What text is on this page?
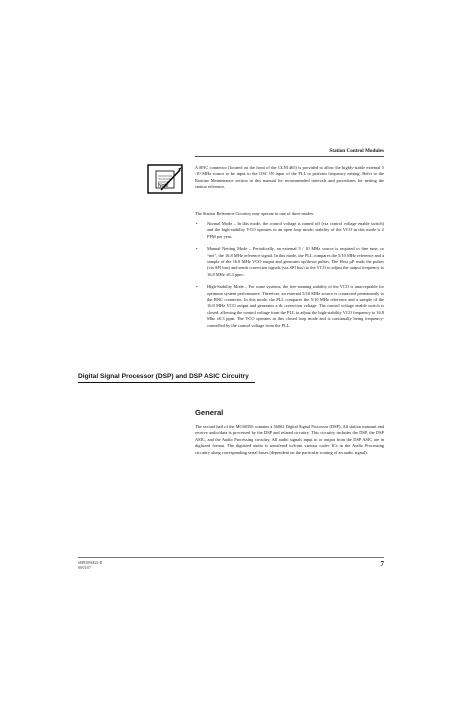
Station Control Modules
Note
A BNC connector (located on the front of the CLN1465) is provided to allow the highly-stable external 5 /10 MHz source to be input to the OSC IN input of the PLL to perform frequency netting. Refer to the Routine Maintenance section in this manual for recommended intervals and procedures for netting the station reference.
The Station Reference Circuitry may operate in one of three modes:
• Normal Mode – In this mode, the control voltage is turned off (via control voltage enable switch) and the high-stability VCO operates in an open loop mode; stability of the VCO in this mode is 2 PPM per year.
• Manual Netting Mode – Periodically, an external 5 / 10 MHz source is required to fine tune, or “net”, the 16.8 MHz reference signal. In this mode, the PLL compares the 5/10 MHz reference and a sample of the 16.8 MHz VCO output and generates up/down pulses. The Host µP reads the pulses (via SPI bus) and sends correction signals (via SPI bus) to the VCO to adjust the output frequency to 16.8 MHz ±0.3 ppm.
• High-Stability Mode – For some systems, the free-running stability of the VCO is unacceptable for optimum system performance. Therefore, an external 5/10 MHz source is connected permanently to the BNC connector. In this mode, the PLL compares the 5/10 MHz reference and a sample of the 16.8 MHz VCO output and generates a dc correction voltage. The control voltage enable switch is closed, allowing the control voltage from the PLL to adjust the high-stability VCO frequency to 16.8 Mhz ±0.3 ppm. The VCO operates in this closed loop mode and is continually being frequency-controlled by the control voltage from the PLL.
Digital Signal Processor (DSP) and DSP ASIC Circuitry
General
The second half of the MC68356 contains a 56002 Digital Signal Processor (DSP). All station transmit and receive audio/data is processed by the DSP and related circuitry. This circuitry includes the DSP, the DSP ASIC, and the Audio Processing circuitry. All audio signals input to or output from the DSP ASIC are in digitized format. The digitized audio is transfered to/from various codec ICs in the Audio Processing circuitry along corresponding serial buses (dependent on the particular routing of an audio signal).
68P81096E22-D
09/01/07	7
